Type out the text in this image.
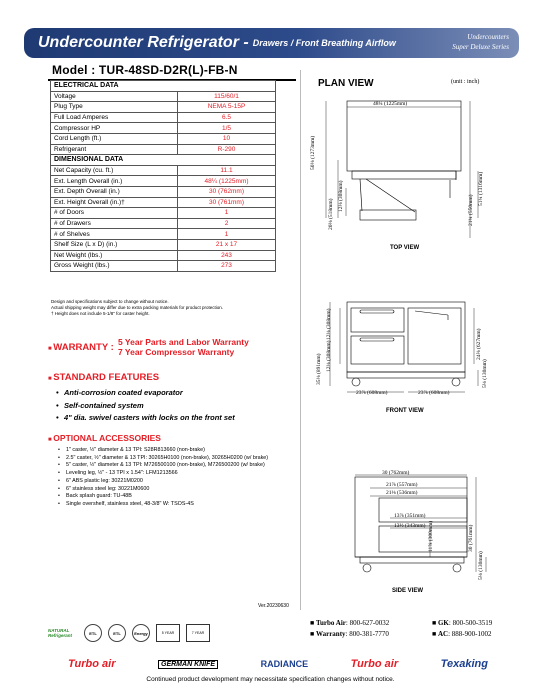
Undercounter Refrigerator - Drawers / Front Breathing Airflow
Undercounters
Super Deluxe Series
Model : TUR-48SD-D2R(L)-FB-N
ELECTRICAL DATA	
Voltage	115/60/1
Plug Type	NEMA 5-15P
Full Load Amperes	6.5
Compressor HP	1/5
Cord Length (ft.)	10
Refrigerant	R-290
DIMENSIONAL DATA	
Net Capacity (cu. ft.)	11.1
Ext. Length Overall (in.)	48¼ (1225mm)
Ext. Depth Overall (in.)	30 (762mm)
Ext. Height Overall (in.)†	30 (761mm)
# of Doors	1
# of Drawers	2
# of Shelves	1
Shelf Size (L x D) (in.)	21 x 17
Net Weight (lbs.)	243
Gross Weight (lbs.)	273
Design and specifications subject to change without notice.
Actual shipping weight may differ due to extra packing materials for product protection.
† Height does not include 5-1/8" for caster height.
■ WARRANTY : 5 Year Parts and Labor Warranty
7 Year Compressor Warranty
■ STANDARD FEATURES
• Anti-corrosion coated evaporator
• Self-contained system
• 4" dia. swivel casters with locks on the front set
■ OPTIONAL ACCESSORIES
• 1" caster, ½" diameter & 13 TPI: S28R813660 (non-brake)
• 2.5" caster, ½" diameter & 13 TPI: 30265H0100 (non-brake), 30265H0200 (w/ brake)
• 5" caster, ½" diameter & 13 TPI: M726500100 (non-brake), M726500200 (w/ brake)
• Leveling leg, ½" - 13 TPI x 1.54": LFM1213566
• 6" ABS plastic leg: 30221M0200
• 6" stainless steel leg: 30221M0600
• Back splash guard: TU-48B
• Single overshelf, stainless steel, 48-3/8" W: TSOS-4S
Ver.20230630
PLAN VIEW	(unit : inch)
48¼ (1225mm)
50⅛ (1273mm)
20⅜ (518mm)
12⅛ (308mm)	51¾ (1316mm)
21¾ (550mm)
TOP VIEW
35⅛ (891mm)
12⅛ (308mm)
12⅛ (308mm)	24⅝ (627mm)
5⅛ (130mm)
23⅞ (608mm)	23⅞ (608mm)
FRONT VIEW
30 (762mm)
21⅞ (557mm)
21⅛ (536mm)
13⅞ (351mm)
13½ (343mm)	30 (761mm)
11⅞ (300mm)
5⅛ (130mm)
SIDE VIEW
■ Turbo Air: 800-627-0032	■ GK: 800-500-3519
■ Warranty: 800-381-7770	■ AC: 888-900-1002
NATURAL Refrigerant	ETL	ETL	Energy	5 YEAR	7 YEAR
Turbo air	GERMAN KNIFE	RADIANCE	Turbo air	Texaking
Continued product development may necessitate specification changes without notice.
